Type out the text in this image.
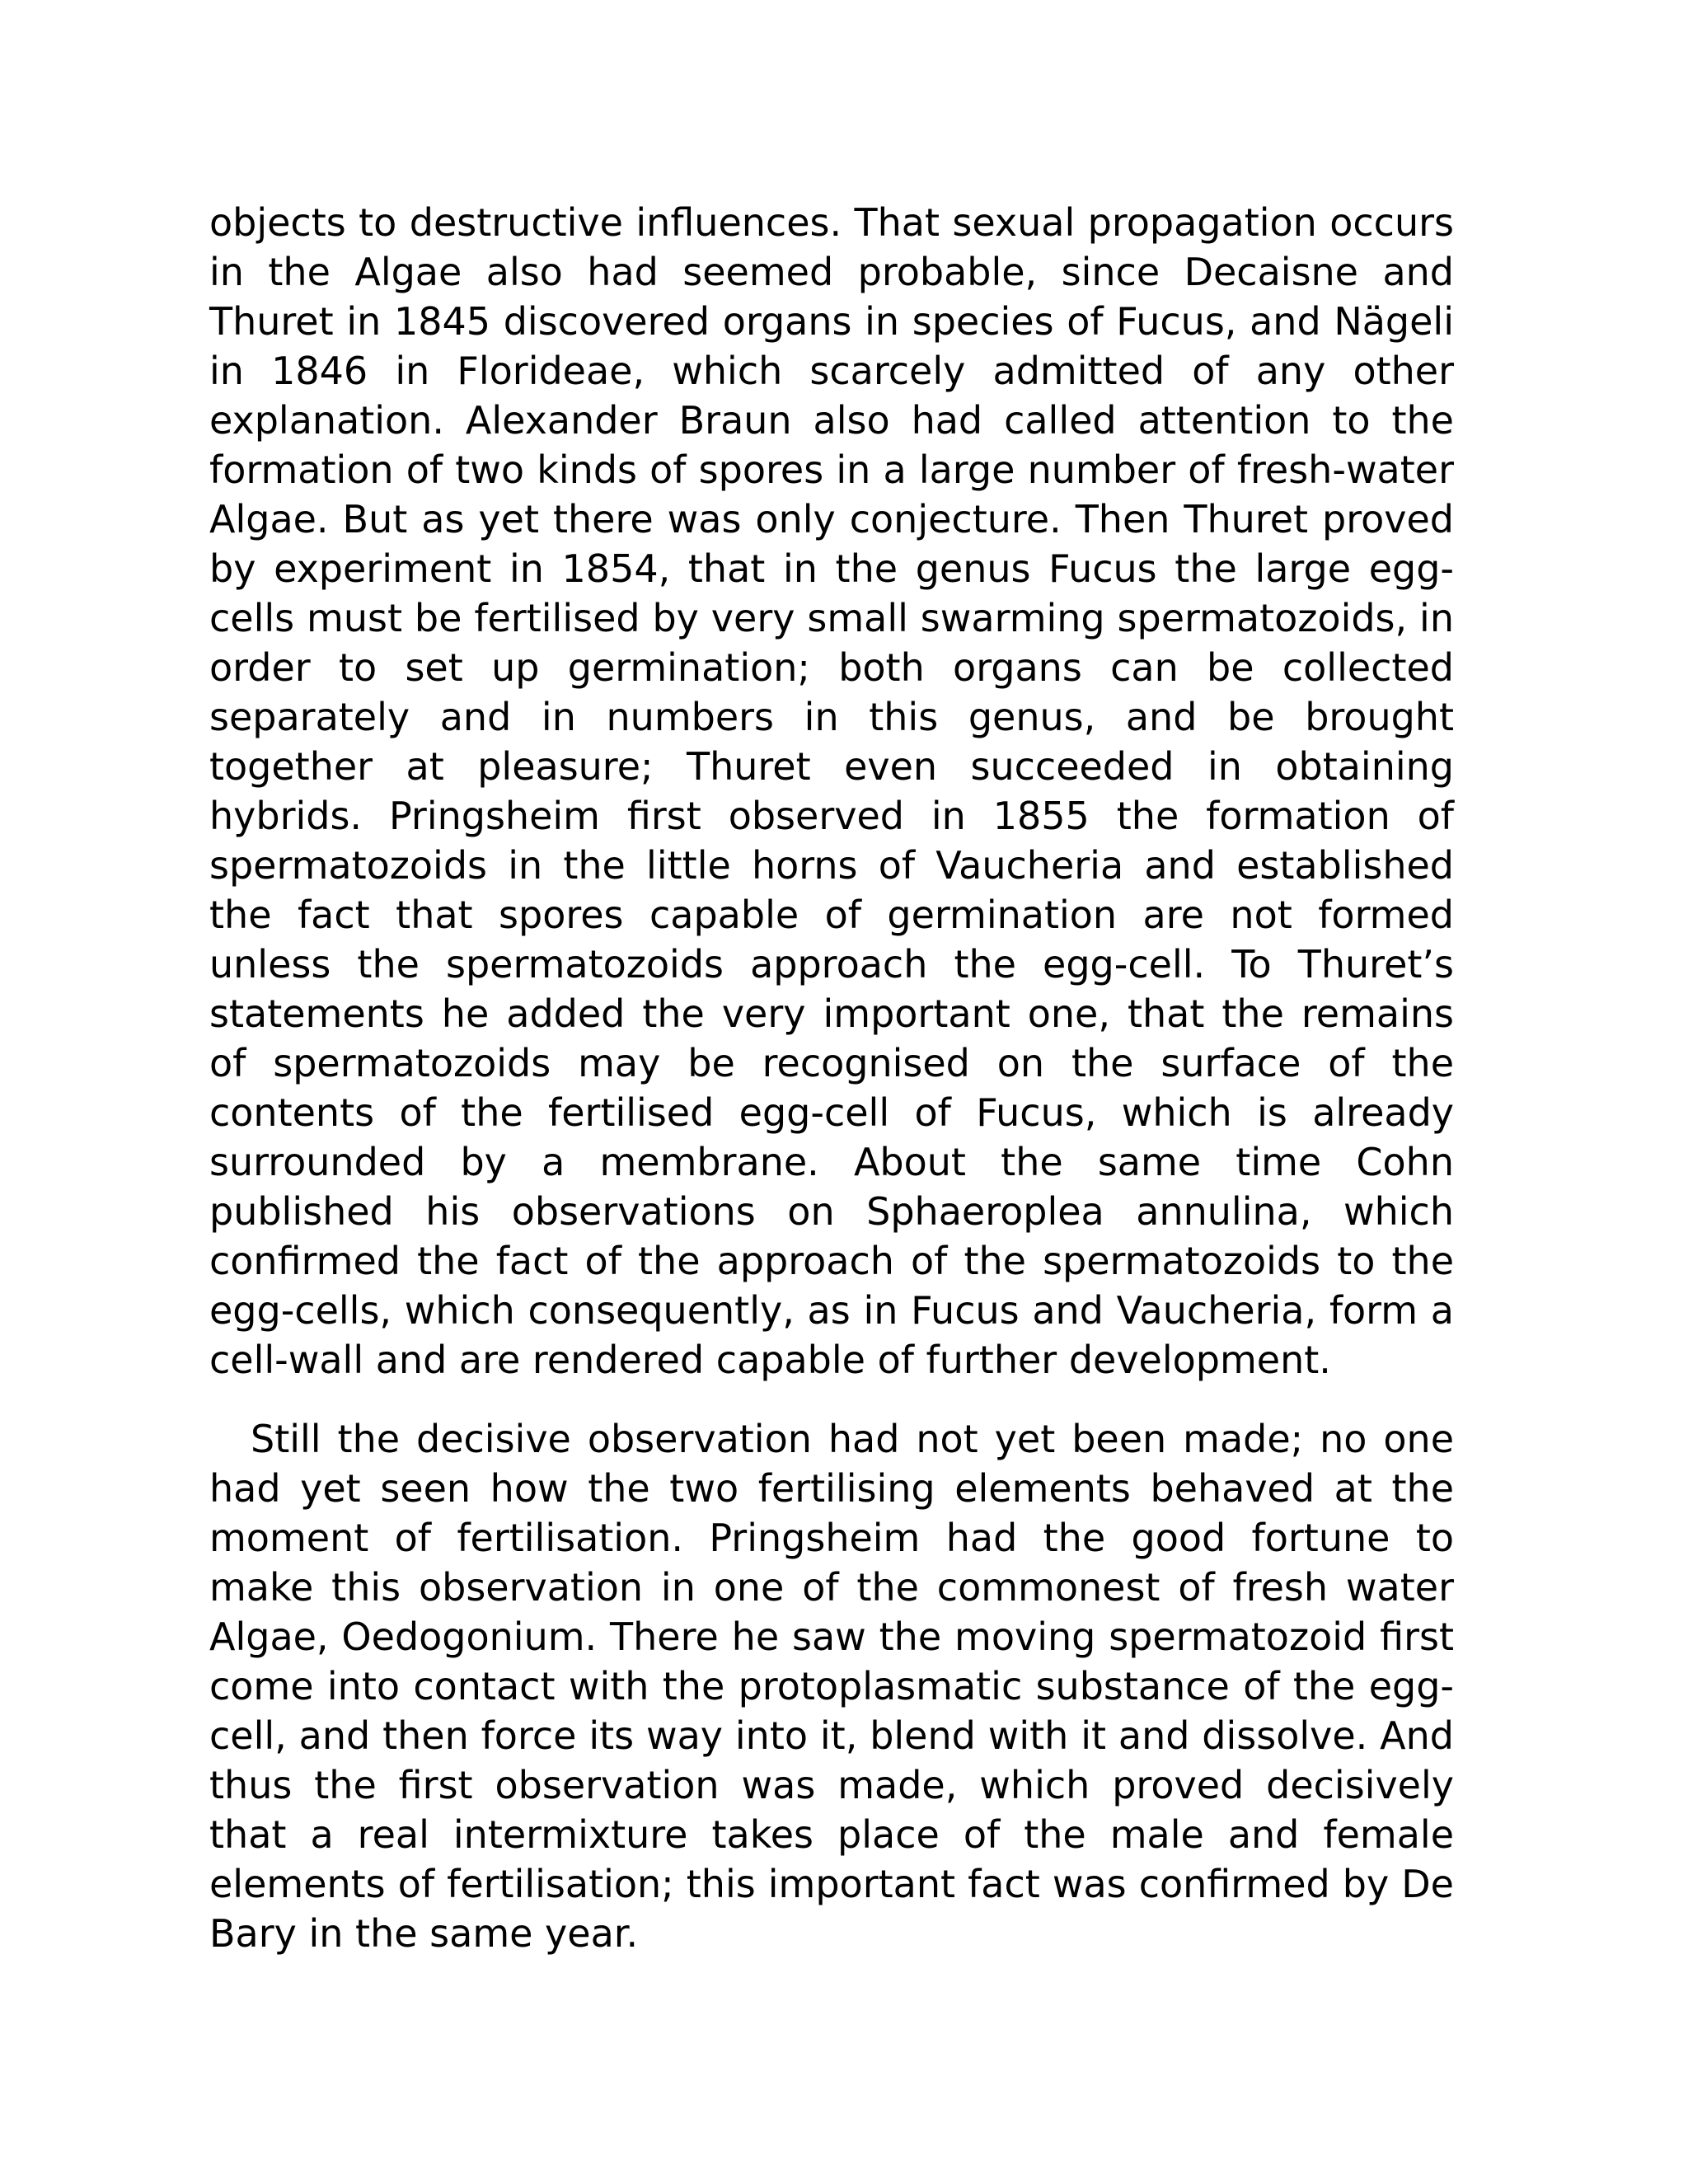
objects to destructive influences. That sexual propagation occurs in the Algae also had seemed probable, since Decaisne and Thuret in 1845 discovered organs in species of Fucus, and Nägeli in 1846 in Florideae, which scarcely admitted of any other explanation. Alexander Braun also had called attention to the formation of two kinds of spores in a large number of fresh-water Algae. But as yet there was only conjecture. Then Thuret proved by experiment in 1854, that in the genus Fucus the large egg-cells must be fertilised by very small swarming spermatozoids, in order to set up germination; both organs can be collected separately and in numbers in this genus, and be brought together at pleasure; Thuret even succeeded in obtaining hybrids. Pringsheim first observed in 1855 the formation of spermatozoids in the little horns of Vaucheria and established the fact that spores capable of germination are not formed unless the spermatozoids approach the egg-cell. To Thuret’s statements he added the very important one, that the remains of spermatozoids may be recognised on the surface of the contents of the fertilised egg-cell of Fucus, which is already surrounded by a membrane. About the same time Cohn published his observations on Sphaeroplea annulina, which confirmed the fact of the approach of the spermatozoids to the egg-cells, which consequently, as in Fucus and Vaucheria, form a cell-wall and are rendered capable of further development.

Still the decisive observation had not yet been made; no one had yet seen how the two fertilising elements behaved at the moment of fertilisation. Pringsheim had the good fortune to make this observation in one of the commonest of fresh water Algae, Oedogonium. There he saw the moving spermatozoid first come into contact with the protoplasmatic substance of the egg-cell, and then force its way into it, blend with it and dissolve. And thus the first observation was made, which proved decisively that a real intermixture takes place of the male and female elements of fertilisation; this important fact was confirmed by De Bary in the same year.
